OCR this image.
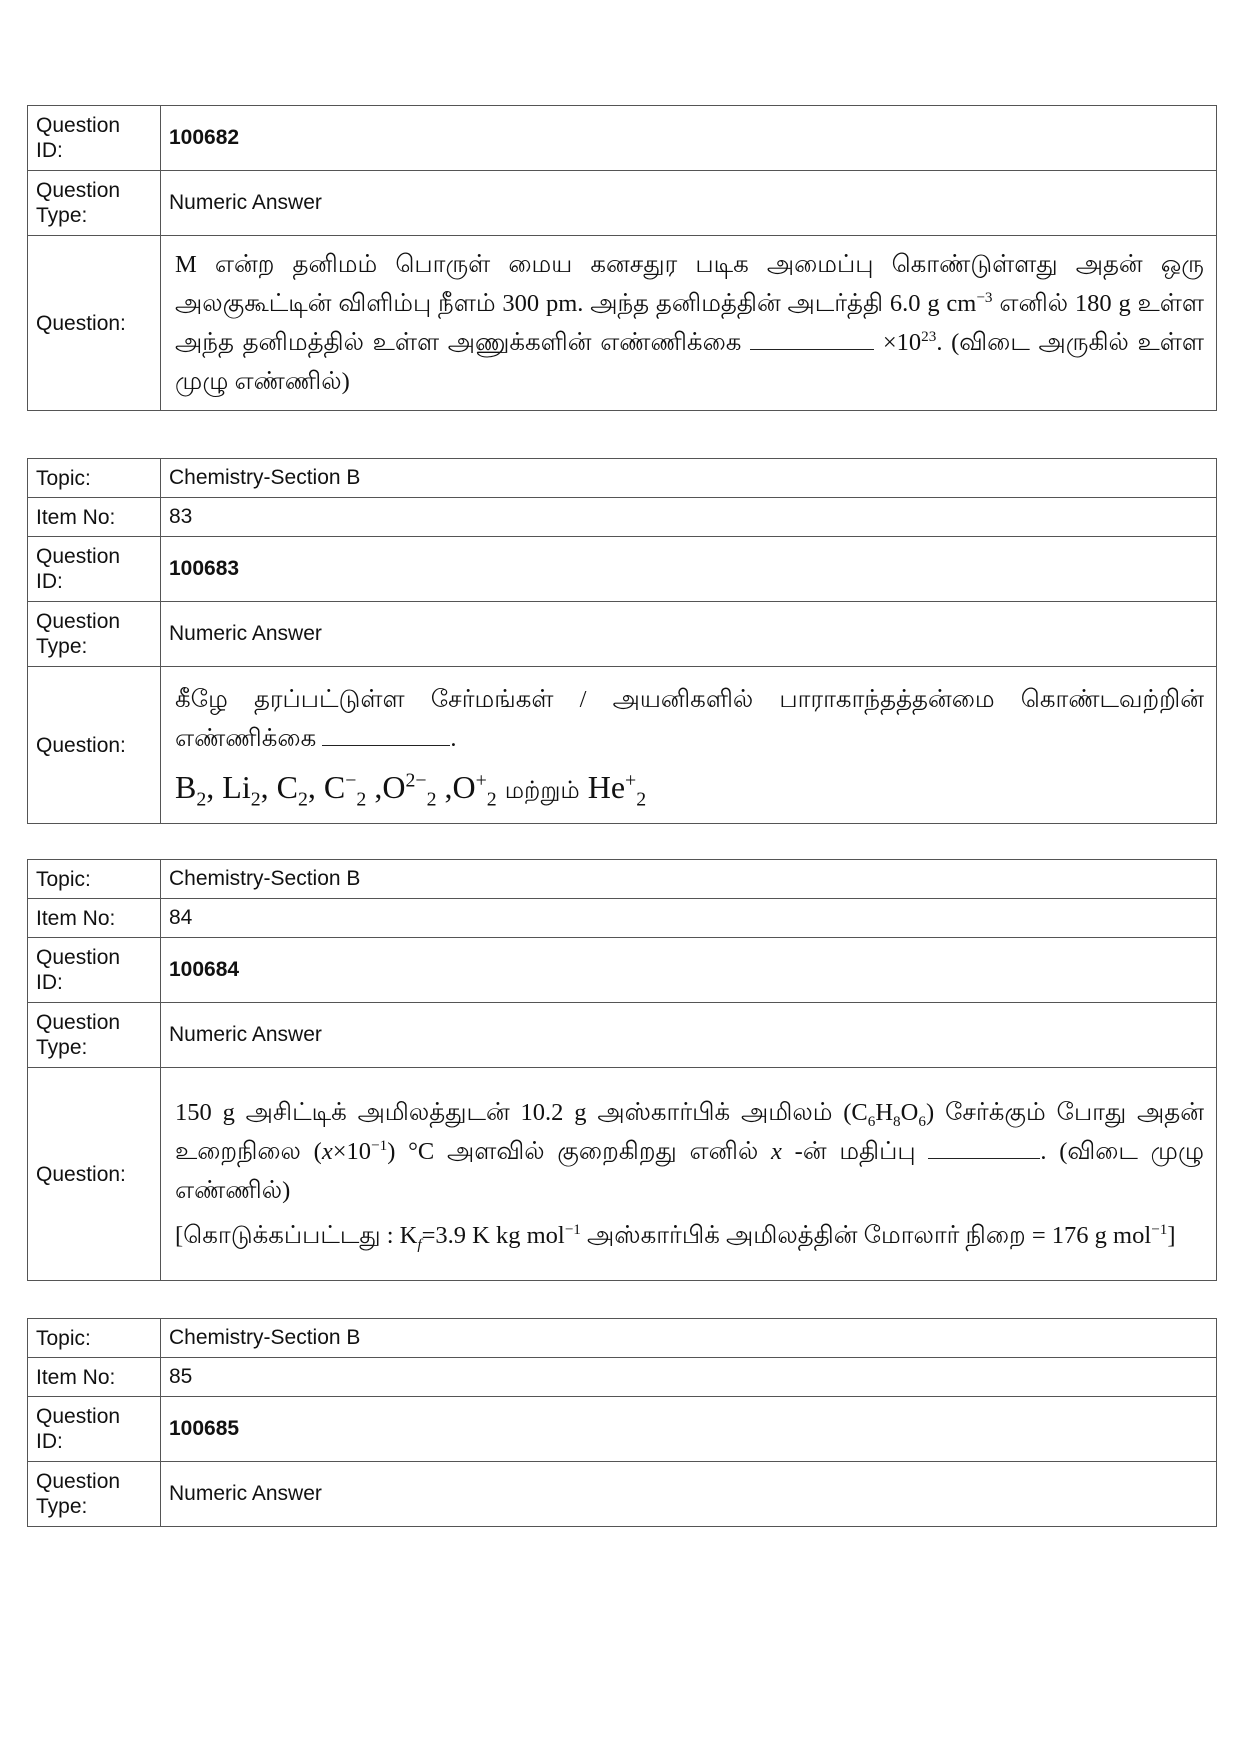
Question ID:	100682
Question Type:	Numeric Answer
Question:	M என்ற தனிமம் பொருள் மைய கனசதுர படிக அமைப்பு கொண்டுள்ளது அதன் ஒரு அலகுகூட்டின் விளிம்பு நீளம் 300 pm. அந்த தனிமத்தின் அடர்த்தி 6.0 g $cm^{-3}$ எனில் 180 g உள்ள அந்த தனிமத்தில் உள்ள அணுக்களின் எண்ணிக்கை $\times 10^{23}$. (விடை அருகில் உள்ள முழு எண்ணில்)

Topic:	Chemistry-Section B
Item No:	83
Question ID:	100683
Question Type:	Numeric Answer
Question:	கீழே தரப்பட்டுள்ள சேர்மங்கள் / அயனிகளில் பாராகாந்தத்தன்மை கொண்டவற்றின் எண்ணிக்கை .

$B_2$, $Li_2$, $C_2$, $C^-_2$ $,O^{2-}_2$ $,O^+_2$ மற்றும் $He^+_2$
Topic:	Chemistry-Section B
Item No:	84
Question ID:	100684
Question Type:	Numeric Answer
Question:	150 g அசிட்டிக் அமிலத்துடன் 10.2 g அஸ்கார்பிக் அமிலம் $(C_6H_8O_6)$ சேர்க்கும் போது அதன் உறைநிலை $(x\times 10^{-1})$ °C அளவில் குறைகிறது எனில் x -ன் மதிப்பு . (விடை முழு எண்ணில்)

[கொடுக்கப்பட்டது : $K_f=3.9$ K kg mol$^{-1}$ அஸ்கார்பிக் அமிலத்தின் மோலார் நிறை = 176 g mol$^{-1}$]

Topic:	Chemistry-Section B
Item No:	85
Question ID:	100685
Question Type:	Numeric Answer
